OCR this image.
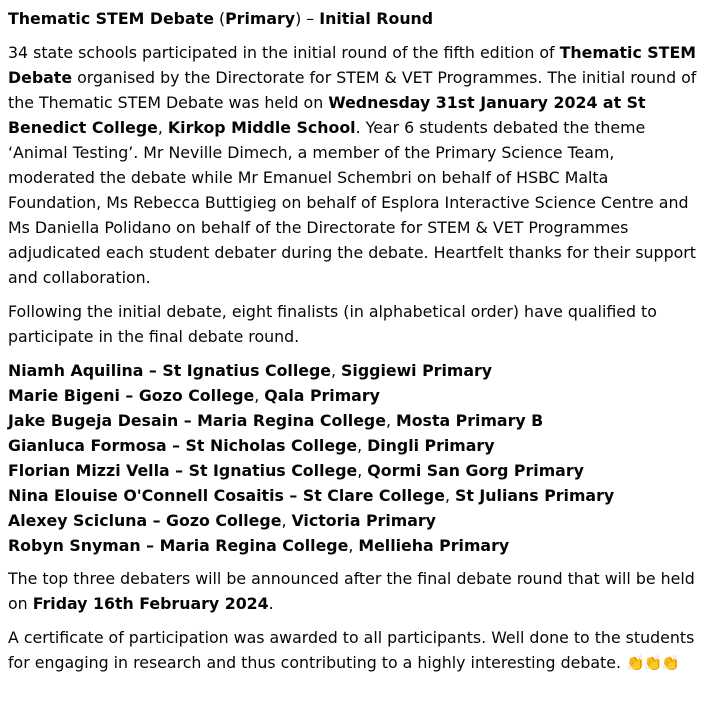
Thematic STEM Debate (Primary) – Initial Round

34 state schools participated in the initial round of the fifth edition of Thematic STEM Debate organised by the Directorate for STEM & VET Programmes. The initial round of the Thematic STEM Debate was held on Wednesday 31st January 2024 at St Benedict College, Kirkop Middle School. Year 6 students debated the theme ‘Animal Testing’. Mr Neville Dimech, a member of the Primary Science Team, moderated the debate while Mr Emanuel Schembri on behalf of HSBC Malta Foundation, Ms Rebecca Buttigieg on behalf of Esplora Interactive Science Centre and Ms Daniella Polidano on behalf of the Directorate for STEM & VET Programmes adjudicated each student debater during the debate. Heartfelt thanks for their support and collaboration.

Following the initial debate, eight finalists (in alphabetical order) have qualified to participate in the final debate round.

Niamh Aquilina – St Ignatius College, Siggiewi Primary
Marie Bigeni – Gozo College, Qala Primary
Jake Bugeja Desain – Maria Regina College, Mosta Primary B
Gianluca Formosa – St Nicholas College, Dingli Primary
Florian Mizzi Vella – St Ignatius College, Qormi San Gorg Primary
Nina Elouise O'Connell Cosaitis – St Clare College, St Julians Primary
Alexey Scicluna – Gozo College, Victoria Primary
Robyn Snyman – Maria Regina College, Mellieha Primary

The top three debaters will be announced after the final debate round that will be held on Friday 16th February 2024.

A certificate of participation was awarded to all participants. Well done to the students for engaging in research and thus contributing to a highly interesting debate. 👏👏👏
